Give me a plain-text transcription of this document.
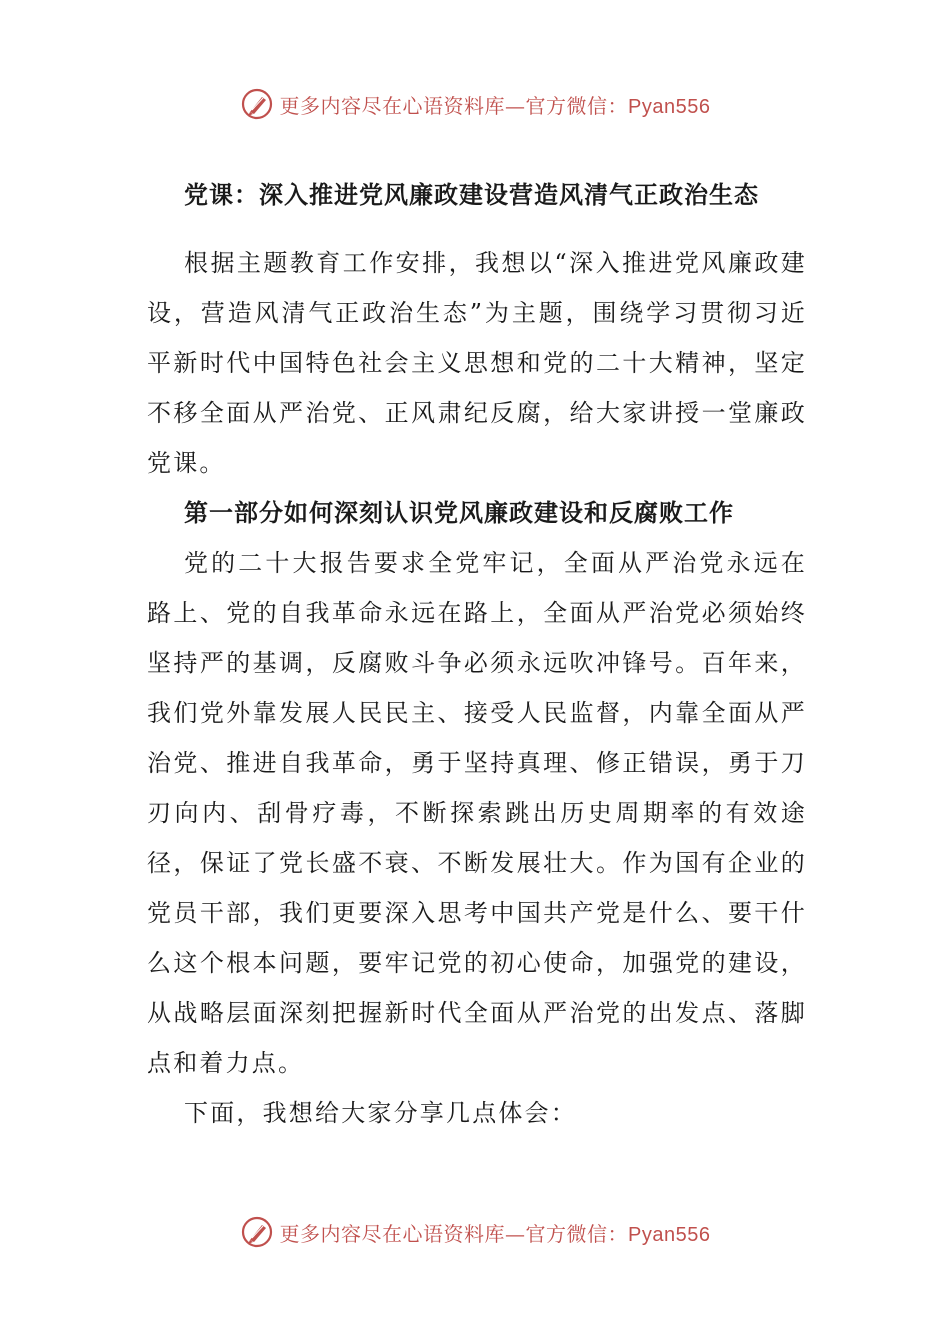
更多内容尽在心语资料库—官方微信：Pyan556
党课：深入推进党风廉政建设营造风清气正政治生态

根据主题教育工作安排，我想以“深入推进党风廉政建设，营造风清气正政治生态”为主题，围绕学习贯彻习近平新时代中国特色社会主义思想和党的二十大精神，坚定不移全面从严治党、正风肃纪反腐，给大家讲授一堂廉政党课。

第一部分如何深刻认识党风廉政建设和反腐败工作

党的二十大报告要求全党牢记，全面从严治党永远在路上、党的自我革命永远在路上，全面从严治党必须始终坚持严的基调，反腐败斗争必须永远吹冲锋号。百年来，我们党外靠发展人民民主、接受人民监督，内靠全面从严治党、推进自我革命，勇于坚持真理、修正错误，勇于刀刃向内、刮骨疗毒，不断探索跳出历史周期率的有效途径，保证了党长盛不衰、不断发展壮大。作为国有企业的党员干部，我们更要深入思考中国共产党是什么、要干什么这个根本问题，要牢记党的初心使命，加强党的建设，从战略层面深刻把握新时代全面从严治党的出发点、落脚点和着力点。

下面，我想给大家分享几点体会：

更多内容尽在心语资料库—官方微信：Pyan556
